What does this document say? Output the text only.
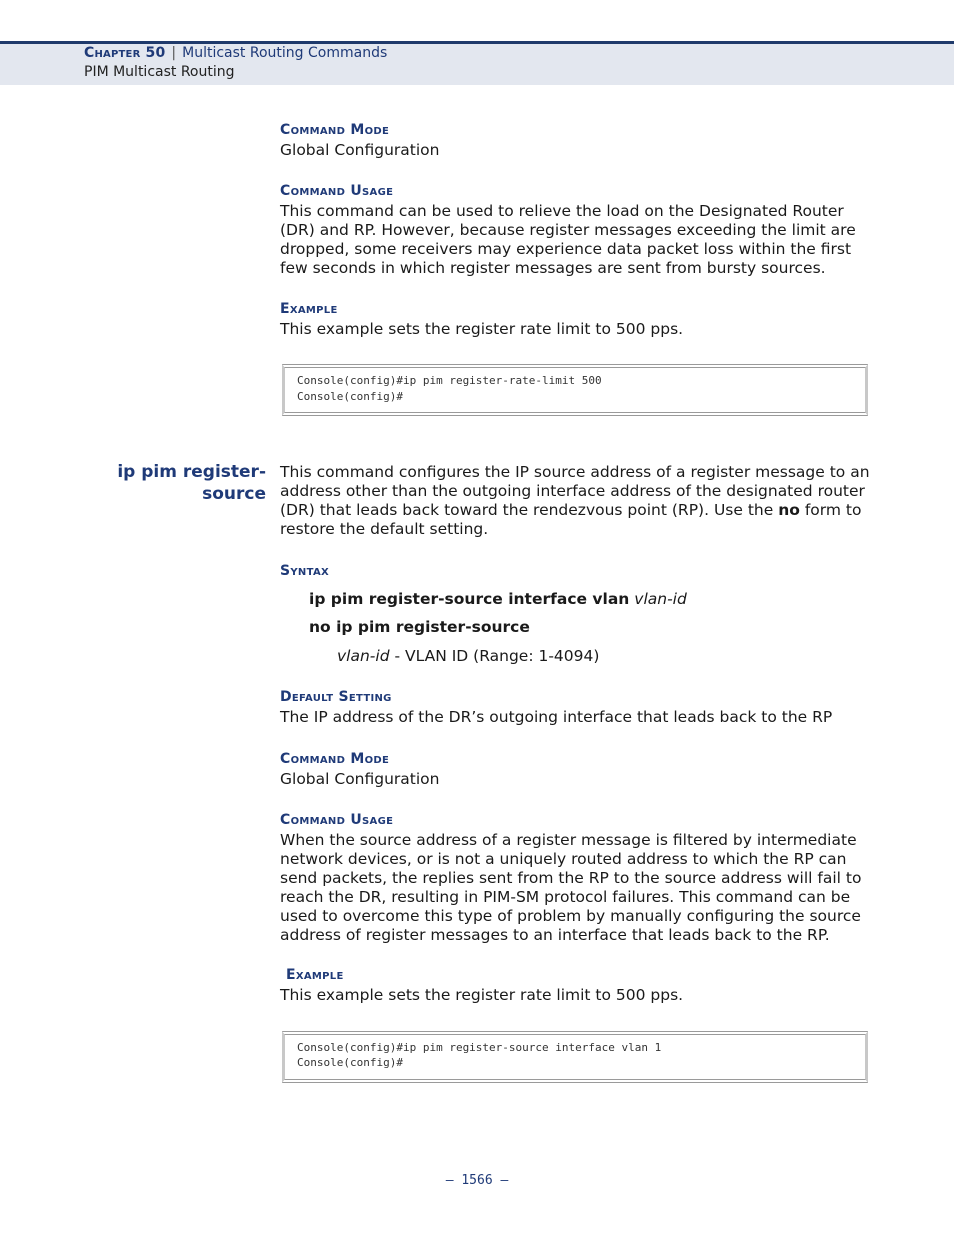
Chapter 50 | Multicast Routing Commands
PIM Multicast Routing
Command Mode
Global Configuration
Command Usage
This command can be used to relieve the load on the Designated Router (DR) and RP. However, because register messages exceeding the limit are dropped, some receivers may experience data packet loss within the first few seconds in which register messages are sent from bursty sources.
Example
This example sets the register rate limit to 500 pps.
Console(config)#ip pim register-rate-limit 500
Console(config)#
ip pim register-
source
This command configures the IP source address of a register message to an address other than the outgoing interface address of the designated router (DR) that leads back toward the rendezvous point (RP). Use the no form to restore the default setting.
Syntax
ip pim register-source interface vlan vlan-id
no ip pim register-source
vlan-id - VLAN ID (Range: 1-4094)
Default Setting
The IP address of the DR’s outgoing interface that leads back to the RP
Command Mode
Global Configuration
Command Usage
When the source address of a register message is filtered by intermediate network devices, or is not a uniquely routed address to which the RP can send packets, the replies sent from the RP to the source address will fail to reach the DR, resulting in PIM-SM protocol failures. This command can be used to overcome this type of problem by manually configuring the source address of register messages to an interface that leads back to the RP.
Example
This example sets the register rate limit to 500 pps.
Console(config)#ip pim register-source interface vlan 1
Console(config)#
– 1566 –
